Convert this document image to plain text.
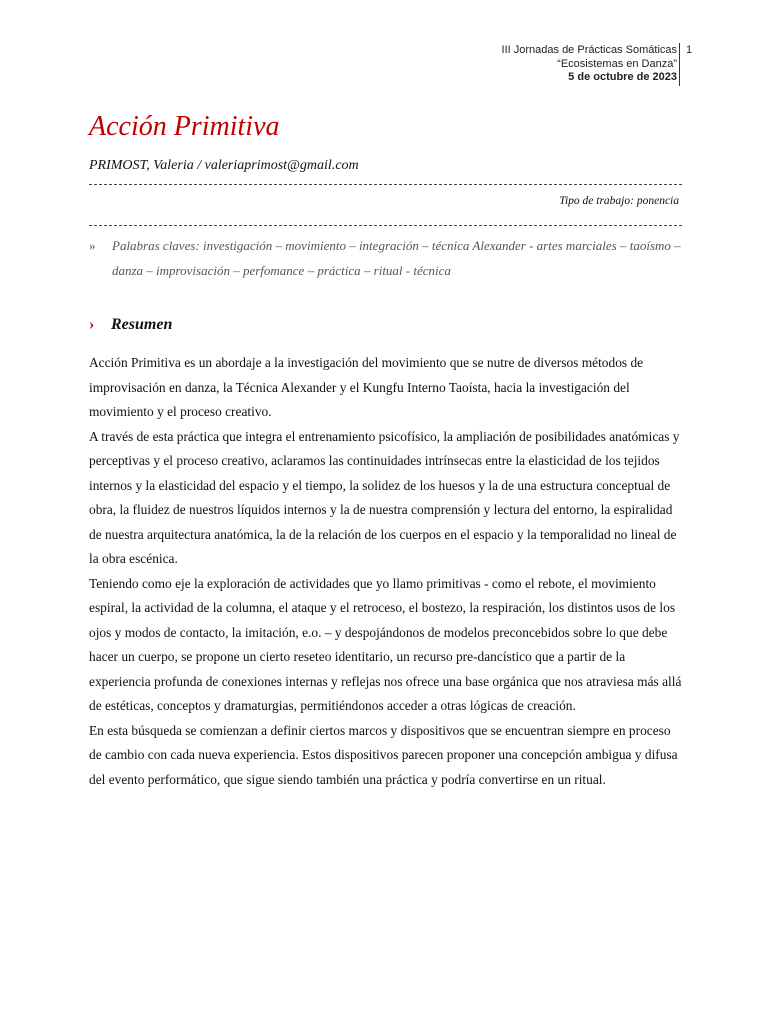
III Jornadas de Prácticas Somáticas
“Ecosistemas en Danza”
5 de octubre de 2023
1
Acción Primitiva
PRIMOST, Valeria / valeriaprimost@gmail.com
Tipo de trabajo: ponencia
»	Palabras claves: investigación – movimiento – integración – técnica Alexander - artes marciales – taoísmo – danza – improvisación – perfomance – práctica – ritual - técnica
› Resumen

Acción Primitiva es un abordaje a la investigación del movimiento que se nutre de diversos métodos de improvisación en danza, la Técnica Alexander y el Kungfu Interno Taoísta, hacia la investigación del movimiento y el proceso creativo.

A través de esta práctica que integra el entrenamiento psicofísico, la ampliación de posibilidades anatómicas y perceptivas y el proceso creativo, aclaramos las continuidades intrínsecas entre la elasticidad de los tejidos internos y la elasticidad del espacio y el tiempo, la solidez de los huesos y la de una estructura conceptual de obra, la fluidez de nuestros líquidos internos y la de nuestra comprensión y lectura del entorno, la espiralidad de nuestra arquitectura anatómica, la de la relación de los cuerpos en el espacio y la temporalidad no lineal de la obra escénica.

Teniendo como eje la exploración de actividades que yo llamo primitivas - como el rebote, el movimiento espiral, la actividad de la columna, el ataque y el retroceso, el bostezo, la respiración, los distintos usos de los ojos y modos de contacto, la imitación, e.o. – y despojándonos de modelos preconcebidos sobre lo que debe hacer un cuerpo, se propone un cierto reseteo identitario, un recurso pre-dancístico que a partir de la experiencia profunda de conexiones internas y reflejas nos ofrece una base orgánica que nos atraviesa más allá de estéticas, conceptos y dramaturgias, permitiéndonos acceder a otras lógicas de creación.

En esta búsqueda se comienzan a definir ciertos marcos y dispositivos que se encuentran siempre en proceso de cambio con cada nueva experiencia. Estos dispositivos parecen proponer una concepción ambigua y difusa del evento performático, que sigue siendo también una práctica y podría convertirse en un ritual.
